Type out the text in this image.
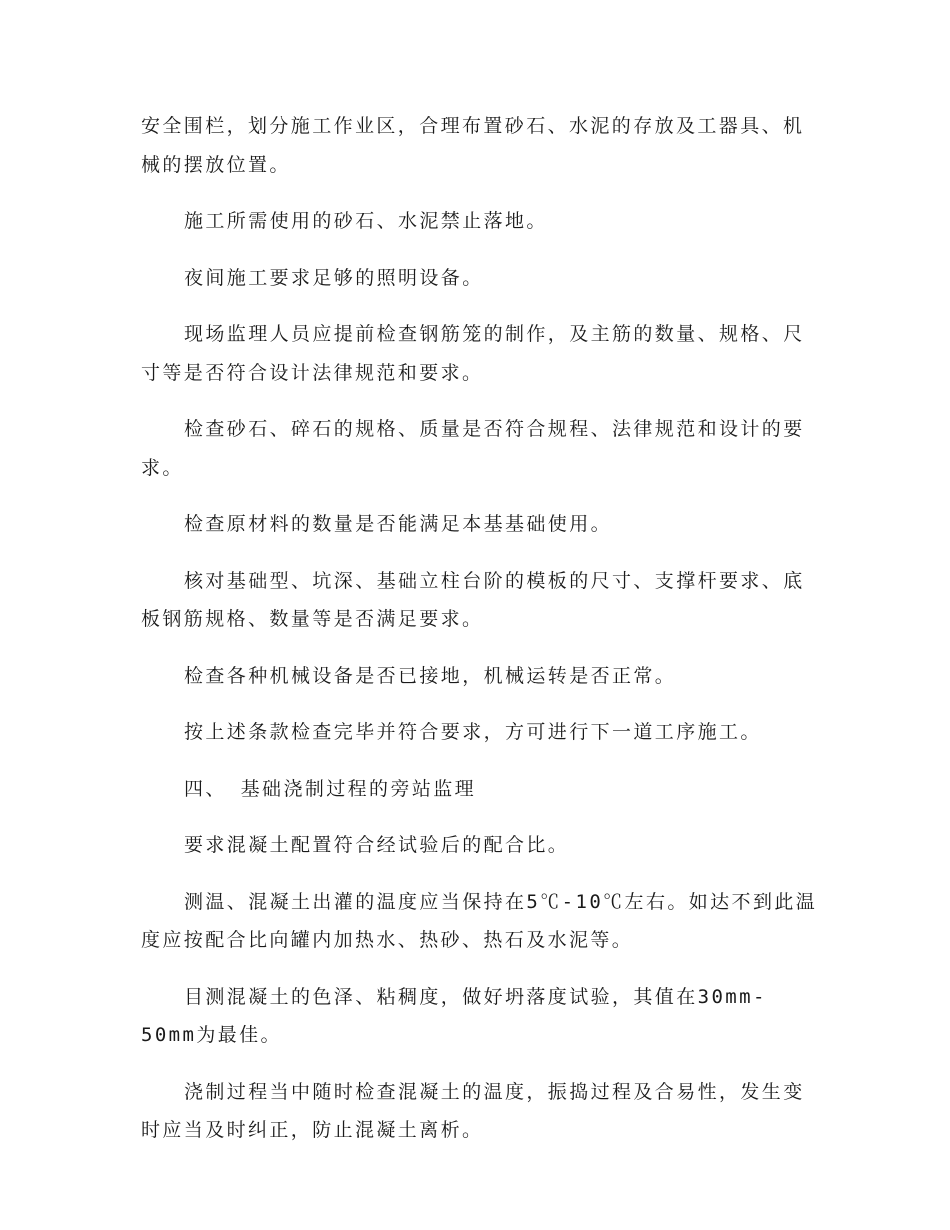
安全围栏，划分施工作业区，合理布置砂石、水泥的存放及工器具、机械的摆放位置。

施工所需使用的砂石、水泥禁止落地。

夜间施工要求足够的照明设备。

现场监理人员应提前检查钢筋笼的制作，及主筋的数量、规格、尺寸等是否符合设计法律规范和要求。

检查砂石、碎石的规格、质量是否符合规程、法律规范和设计的要求。

检查原材料的数量是否能满足本基基础使用。

核对基础型、坑深、基础立柱台阶的模板的尺寸、支撑杆要求、底板钢筋规格、数量等是否满足要求。

检查各种机械设备是否已接地，机械运转是否正常。

按上述条款检查完毕并符合要求，方可进行下一道工序施工。

四、 基础浇制过程的旁站监理

要求混凝土配置符合经试验后的配合比。

测温、混凝土出灌的温度应当保持在5℃-10℃左右。如达不到此温度应按配合比向罐内加热水、热砂、热石及水泥等。

目测混凝土的色泽、粘稠度，做好坍落度试验，其值在30mm-50mm为最佳。

浇制过程当中随时检查混凝土的温度，振捣过程及合易性，发生变时应当及时纠正，防止混凝土离析。
